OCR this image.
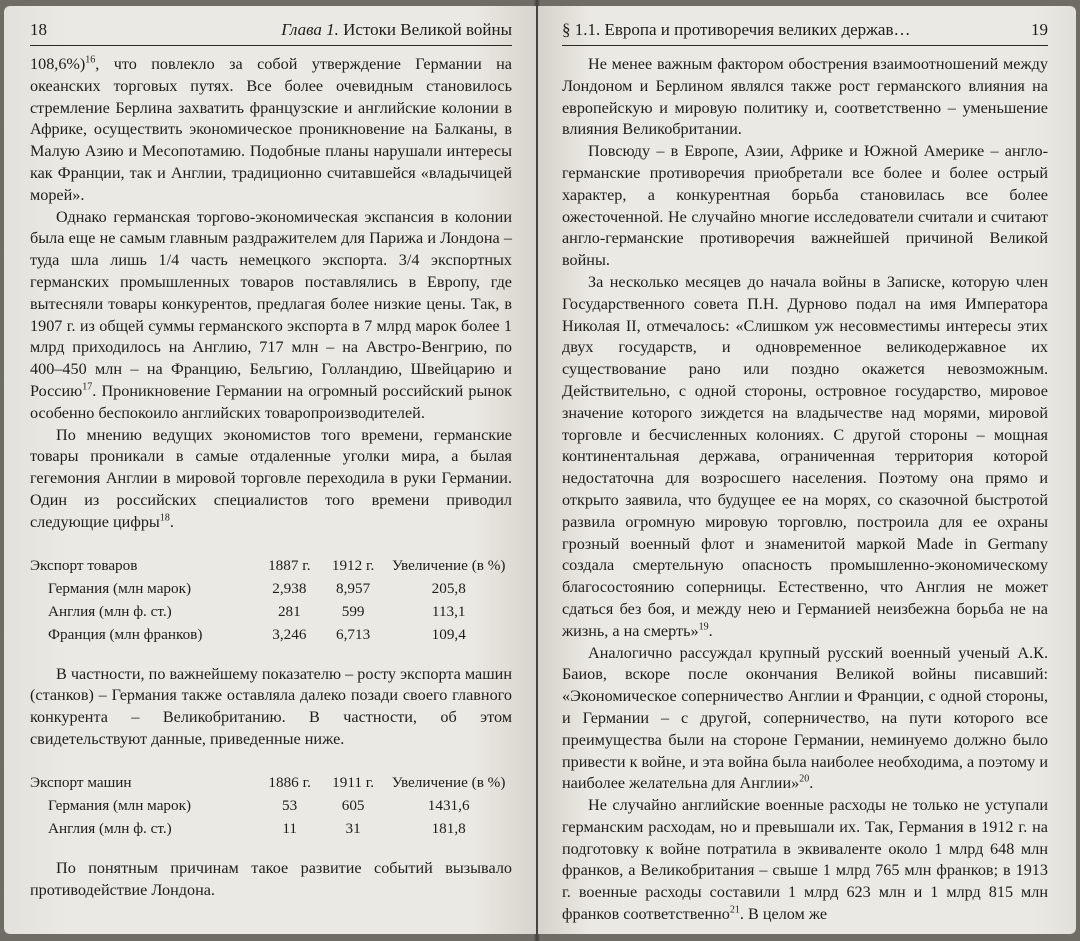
18	Глава 1. Истоки Великой войны

108,6%)$^{16}$, что повлекло за собой утверждение Германии на океанских торговых путях. Все более очевидным становилось стремление Берлина захватить французские и английские колонии в Африке, осуществить экономическое проникновение на Балканы, в Малую Азию и Месопотамию. Подобные планы нарушали интересы как Франции, так и Англии, традиционно считавшейся «владычицей морей».

Однако германская торгово-экономическая экспансия в колонии была еще не самым главным раздражителем для Парижа и Лондона – туда шла лишь 1/4 часть немецкого экспорта. 3/4 экспортных германских промышленных товаров поставлялись в Европу, где вытесняли товары конкурентов, предлагая более низкие цены. Так, в 1907 г. из общей суммы германского экспорта в 7 млрд марок более 1 млрд приходилось на Англию, 717 млн – на Австро-Венгрию, по 400–450 млн – на Францию, Бельгию, Голландию, Швейцарию и Россию$^{17}$. Проникновение Германии на огромный российский рынок особенно беспокоило английских товаропроизводителей.

По мнению ведущих экономистов того времени, германские товары проникали в самые отдаленные уголки мира, а былая гегемония Англии в мировой торговле переходила в руки Германии. Один из российских специалистов того времени приводил следующие цифры$^{18}$.

Экспорт товаров	1887 г.	1912 г.	Увеличение (в %)
Германия (млн марок)	2,938	8,957	205,8
Англия (млн ф. ст.)	281	599	113,1
Франция (млн франков)	3,246	6,713	109,4

В частности, по важнейшему показателю – росту экспорта машин (станков) – Германия также оставляла далеко позади своего главного конкурента – Великобританию. В частности, об этом свидетельствуют данные, приведенные ниже.

Экспорт машин	1886 г.	1911 г.	Увеличение (в %)
Германия (млн марок)	53	605	1431,6
Англия (млн ф. ст.)	11	31	181,8

По понятным причинам такое развитие событий вызывало противодействие Лондона.

§ 1.1. Европа и противоречия великих держав…	19

Не менее важным фактором обострения взаимоотношений между Лондоном и Берлином являлся также рост германского влияния на европейскую и мировую политику и, соответственно – уменьшение влияния Великобритании.

Повсюду – в Европе, Азии, Африке и Южной Америке – англо-германские противоречия приобретали все более и более острый характер, а конкурентная борьба становилась все более ожесточенной. Не случайно многие исследователи считали и считают англо-германские противоречия важнейшей причиной Великой войны.

За несколько месяцев до начала войны в Записке, которую член Государственного совета П.Н. Дурново подал на имя Императора Николая II, отмечалось: «Слишком уж несовместимы интересы этих двух государств, и одновременное великодержавное их существование рано или поздно окажется невозможным. Действительно, с одной стороны, островное государство, мировое значение которого зиждется на владычестве над морями, мировой торговле и бесчисленных колониях. С другой стороны – мощная континентальная держава, ограниченная территория которой недостаточна для возросшего населения. Поэтому она прямо и открыто заявила, что будущее ее на морях, со сказочной быстротой развила огромную мировую торговлю, построила для ее охраны грозный военный флот и знаменитой маркой Made in Germany создала смертельную опасность промышленно-экономическому благосостоянию соперницы. Естественно, что Англия не может сдаться без боя, и между нею и Германией неизбежна борьба не на жизнь, а на смерть»$^{19}$.

Аналогично рассуждал крупный русский военный ученый А.К. Баиов, вскоре после окончания Великой войны писавший: «Экономическое соперничество Англии и Франции, с одной стороны, и Германии – с другой, соперничество, на пути которого все преимущества были на стороне Германии, неминуемо должно было привести к войне, и эта война была наиболее необходима, а поэтому и наиболее желательна для Англии»$^{20}$.

Не случайно английские военные расходы не только не уступали германским расходам, но и превышали их. Так, Германия в 1912 г. на подготовку к войне потратила в эквиваленте около 1 млрд 648 млн франков, а Великобритания – свыше 1 млрд 765 млн франков; в 1913 г. военные расходы составили 1 млрд 623 млн и 1 млрд 815 млн франков соответственно$^{21}$. В целом же
